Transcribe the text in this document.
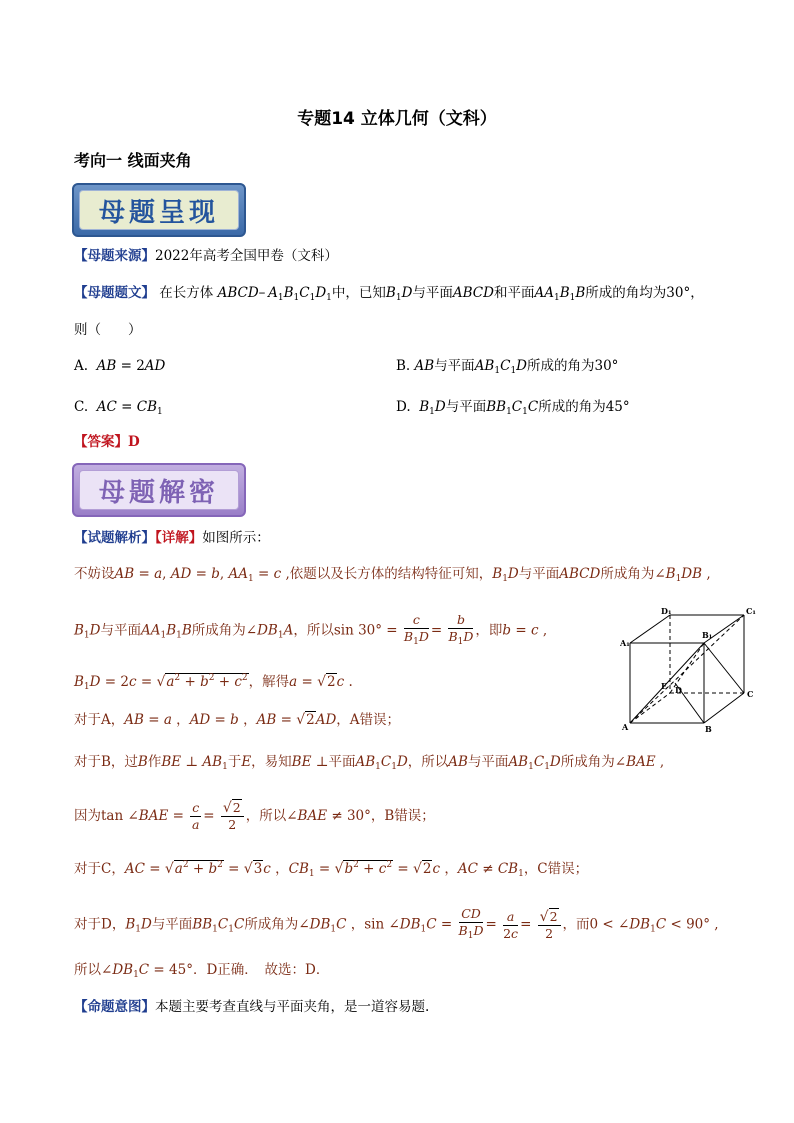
专题14 立体几何（文科）
考向一 线面夹角
母题呈现
【母题来源】2022年高考全国甲卷（文科）
【母题题文】 在长方体 ABCD– $A_1B_1C_1D_1$中，已知$B_1D$与平面ABCD和平面$AA_1B_1B$所成的角均为30°，
则（　　）
A. AB = 2AD	B. AB与平面$AB_1C_1D$所成的角为30°
C. AC = $CB_1$	D. $B_1D$与平面$BB_1C_1C$所成的角为45°
【答案】D
母题解密
【试题解析】【详解】如图所示：
不妨设AB = a, AD = b, $AA_1 = c$ ,依题以及长方体的结构特征可知，$B_1D$与平面ABCD所成角为$\angle B_1DB$ ,
$B_1D$与平面$AA_1B_1B$所成角为$\angle DB_1A$，所以$\sin 30^\circ = \frac{c}{B_1D} = \frac{b}{B_1D}$ ，即b = c ,
$B_1D = 2c = √a^2 + b^2 + c^2$，解得a = √2c .
对于A，AB = a ，AD = b ，AB = √2AD，A错误；
对于B，过B作BE ⊥ $AB_1$于E，易知BE ⊥平面$AB_1C_1D$，所以AB与平面$AB_1C_1D$所成角为∠BAE ,
因为tan ∠BAE = $\frac{c}{a} = \frac{√2}{2}$ ，所以∠BAE ≠ 30°，B错误；
对于C，AC = $√a^2 + b^2 = √3c$ ，$CB_1 = √b^2 + c^2 = √2c$ ，AC ≠ $CB_1$，C错误；
对于D，$B_1D$与平面$BB_1C_1C$所成角为$\angle DB_1C$ ，$\sin \angle DB_1C = \frac{CD}{B_1D} = \frac{a}{2c} = \frac{√2}{2}$ ，而$0 < \angle DB_1C < 90^\circ$ ,
所以$\angle DB_1C = 45^\circ$．D正确．　故选：D．
【命题意图】本题主要考查直线与平面夹角，是一道容易题.
D₁	C₁
A₁
B₁
E D	C
A	B
